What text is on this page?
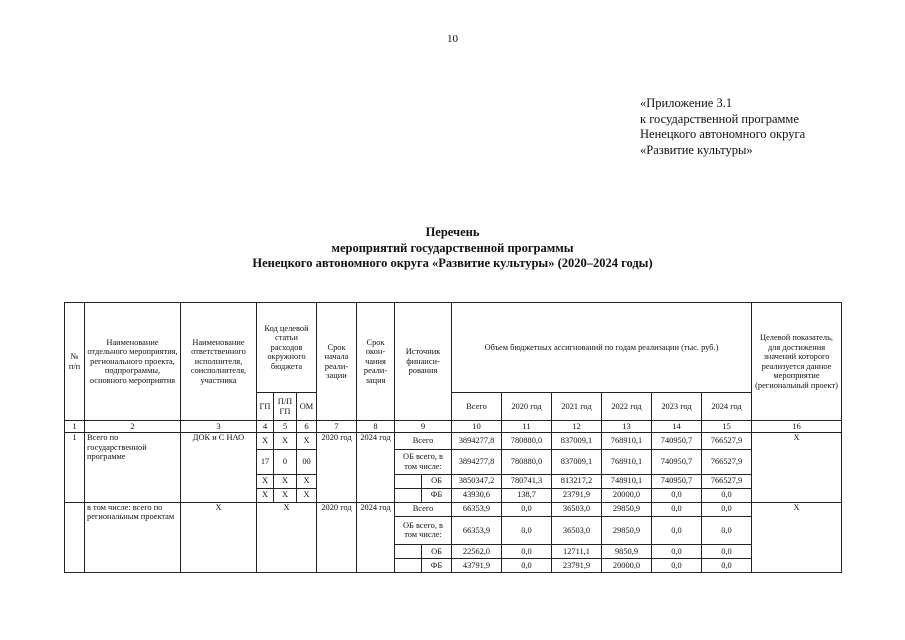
10
«Приложение 3.1
к государственной программе
Ненецкого автономного округа
«Развитие культуры»
Перечень
мероприятий государственной программы
Ненецкого автономного округа «Развитие культуры» (2020–2024 годы)
№ п/п	Наименование отдельного мероприятия, регионального проекта, подпрограммы, основного мероприятия	Наименование ответственного исполнителя, соисполнителя, участника	Код целевой статьи расходов окружного бюджета			Срок начала реали-зации	Срок окон-чания реали-зация	Источник финанси-рования		Объем бюджетных ассигнований по годам реализации (тыс. руб.)						Целевой показатель, для достижения значений которого реализуется данное мероприятие (региональный проект)
			ГП	П/П ГП	ОМ					Всего	2020 год	2021 год	2022 год	2023 год	2024 год	
1	2	3	4	5	6	7	8	9		10	11	12	13	14	15	16
1	Всего по государственной программе	ДОК и С НАО	Х	Х	Х	2020 год	2024 год	Всего		3894277,8	780880,0	837009,1	768910,1	740950,7	766527,9	Х
			17	0	00			ОБ всего, в том числе:		3894277,8	780880,0	837009,1	768910,1	740950,7	766527,9	
			Х	Х	Х				ОБ	3850347,2	780741,3	813217,2	748910,1	740950,7	766527,9	
			Х	Х	Х				ФБ	43930,6	138,7	23791,9	20000,0	0,0	0,0	
	в том числе: всего по региональным проектам	Х	Х			2020 год	2024 год	Всего		66353,9	0,0	36503,0	29850,9	0,0	0,0	Х
								ОБ всего, в том числе:		66353,9	0,0	36503,0	29850,9	0,0	0,0	
									ОБ	22562,0	0,0	12711,1	9850,9	0,0	0,0	
									ФБ	43791,9	0,0	23791,9	20000,0	0,0	0,0	
